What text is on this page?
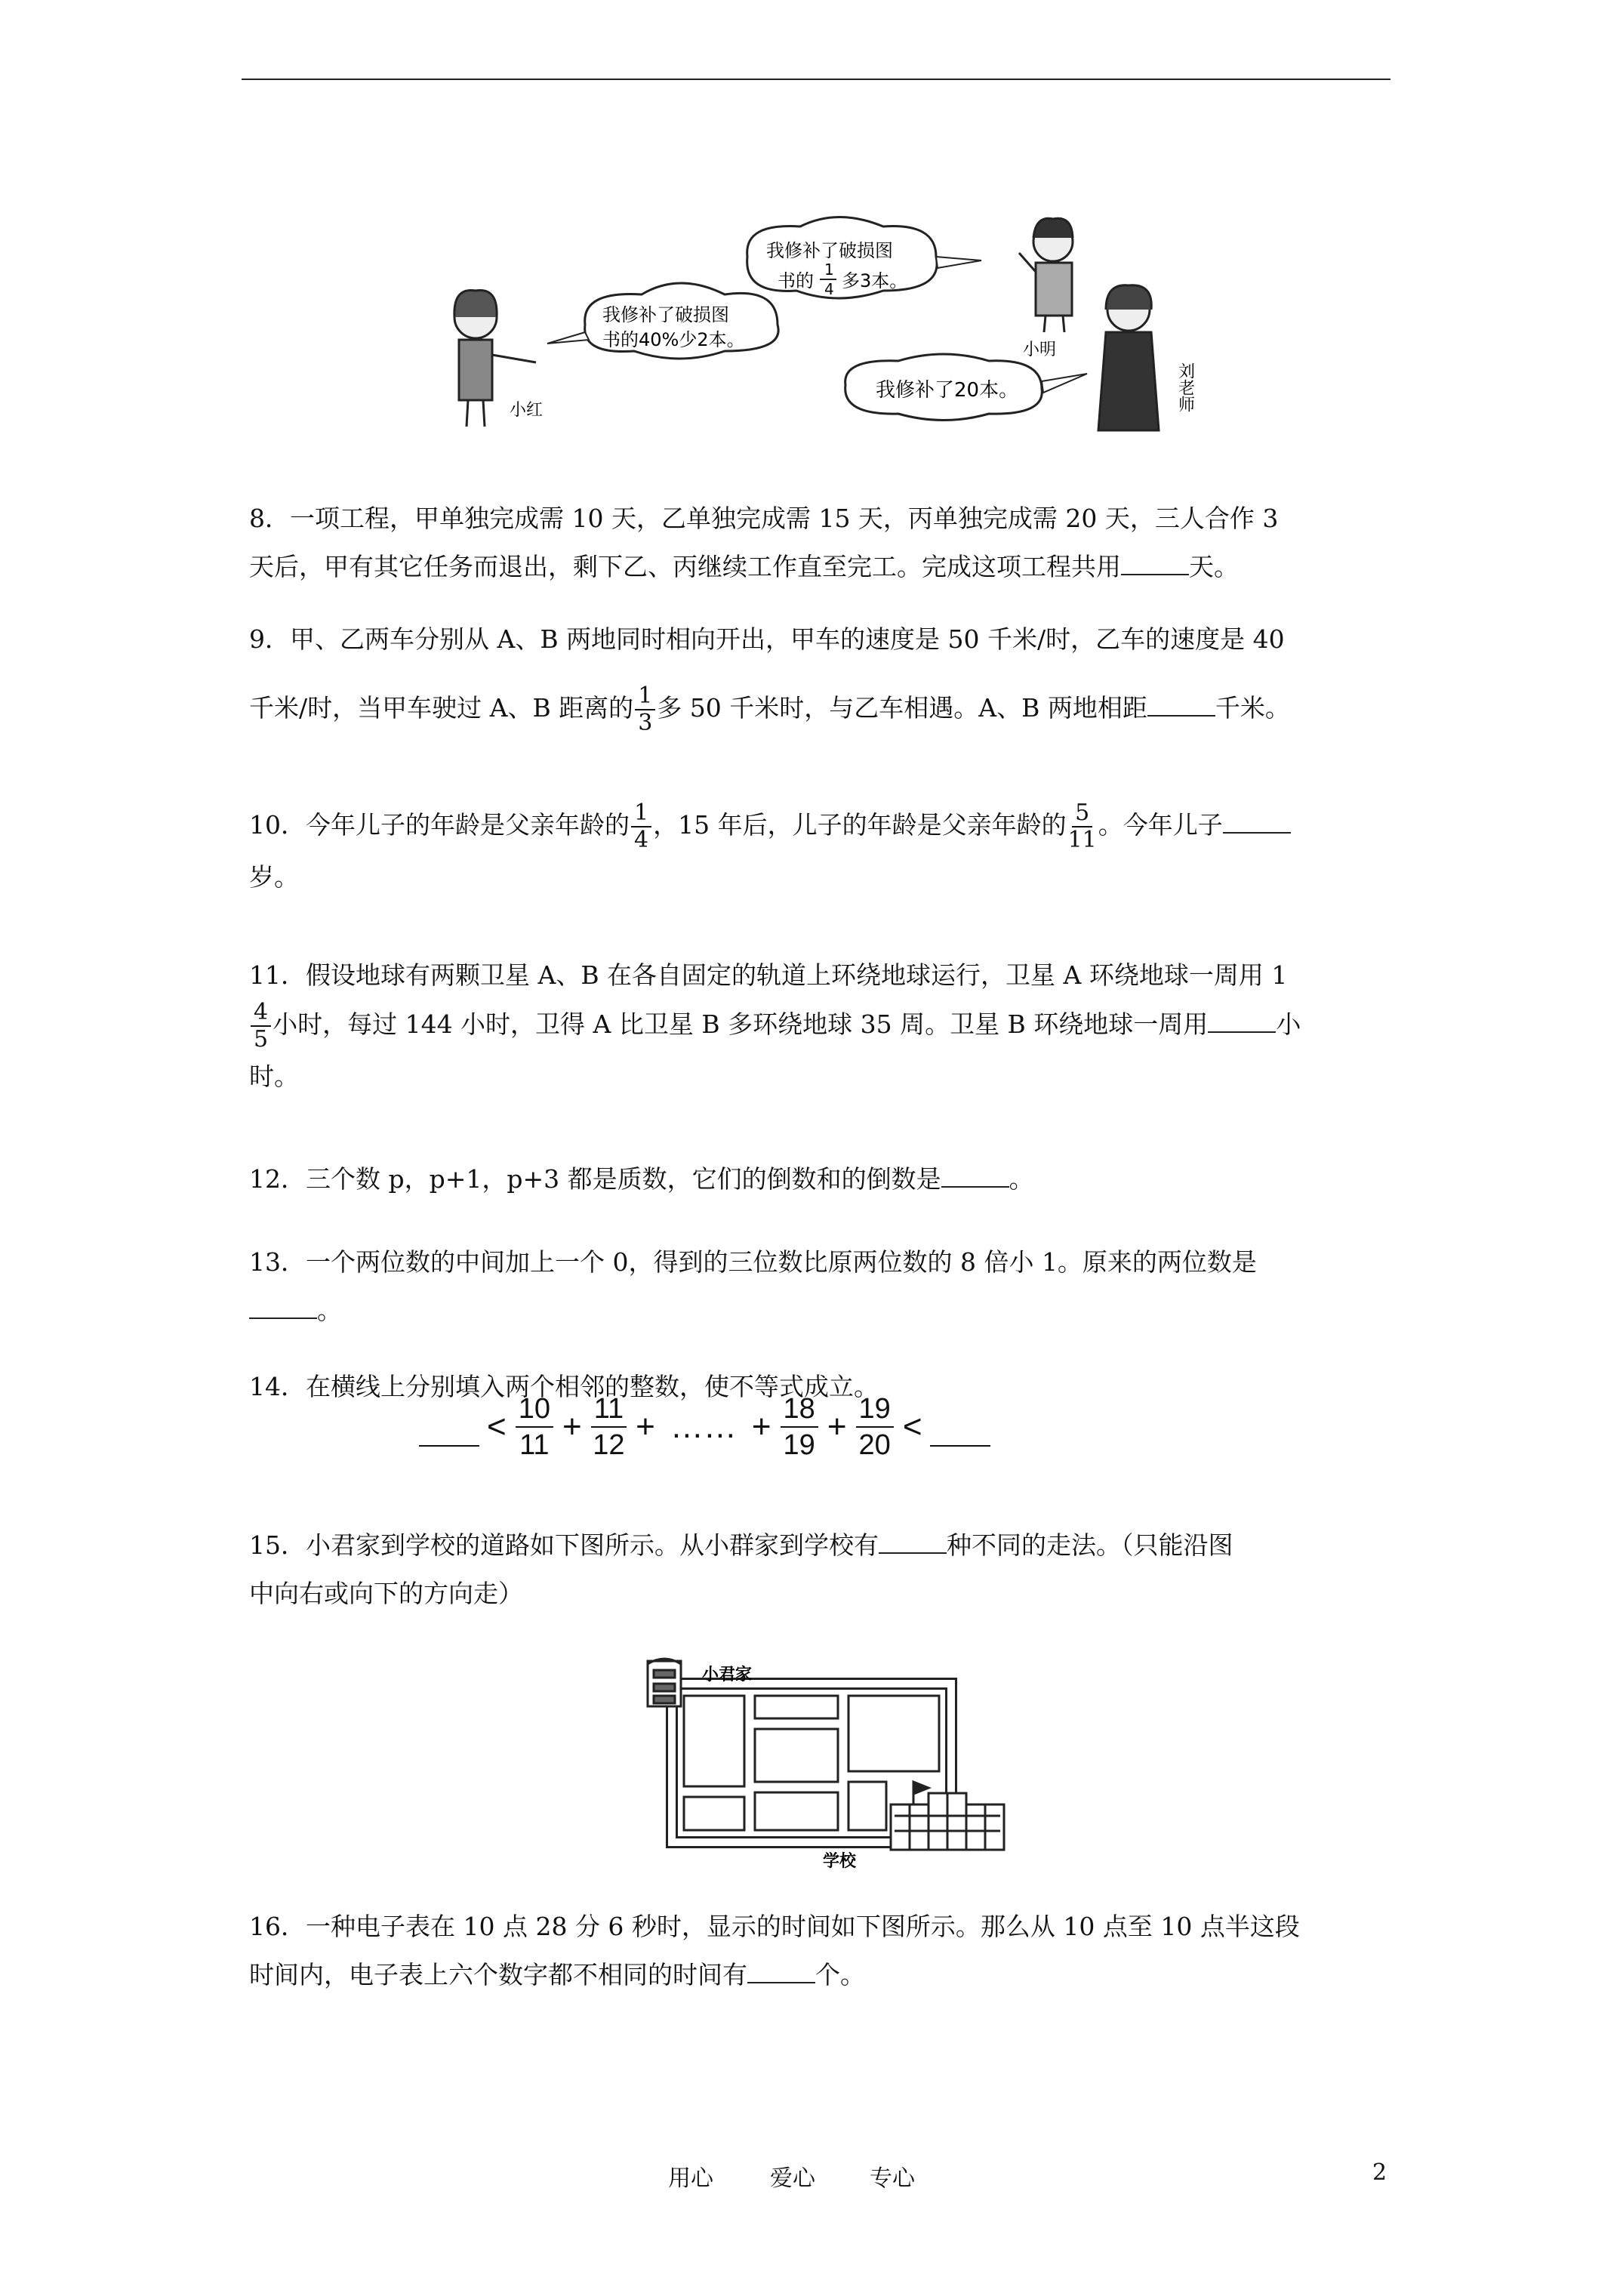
我修补了破损图
书的40%少2本。
小红
我修补了破损图
书的
1
4 多3本。
小明
我修补了20本。	刘老师
8．一项工程，甲单独完成需 10 天，乙单独完成需 15 天，丙单独完成需 20 天，三人合作 3
天后，甲有其它任务而退出，剩下乙、丙继续工作直至完工。完成这项工程共用	天。
9．甲、乙两车分别从 A、B 两地同时相向开出，甲车的速度是 50 千米/时，乙车的速度是 40
千米/时，当甲车驶过 A、B 距离的 $\frac{1}{3}$ 多 50 千米时，与乙车相遇。A、B 两地相距	千米。
10．今年儿子的年龄是父亲年龄的 $\frac{1}{4}$ ，15 年后，儿子的年龄是父亲年龄的 $\frac{5}{11}$ 。今年儿子
岁。
11．假设地球有两颗卫星 A、B 在各自固定的轨道上环绕地球运行，卫星 A 环绕地球一周用 1
$\frac{4}{5}$ 小时，每过 144 小时，卫得 A 比卫星 B 多环绕地球 35 周。卫星 B 环绕地球一周用	小
时。
12．三个数 p，p+1，p+3 都是质数，它们的倒数和的倒数是	。
13．一个两位数的中间加上一个 0，得到的三位数比原两位数的 8 倍小 1。原来的两位数是
。
14．在横线上分别填入两个相邻的整数，使不等式成立。
< $\frac{10}{11} + \frac{11}{12}$ + …… + $\frac{18}{19} + \frac{19}{20}$ <
15．小君家到学校的道路如下图所示。从小群家到学校有	种不同的走法。（只能沿图
中向右或向下的方向走）
小君家
学校
16．一种电子表在 10 点 28 分 6 秒时，显示的时间如下图所示。那么从 10 点至 10 点半这段
时间内，电子表上六个数字都不相同的时间有	个。
用心	爱心 专心	2
